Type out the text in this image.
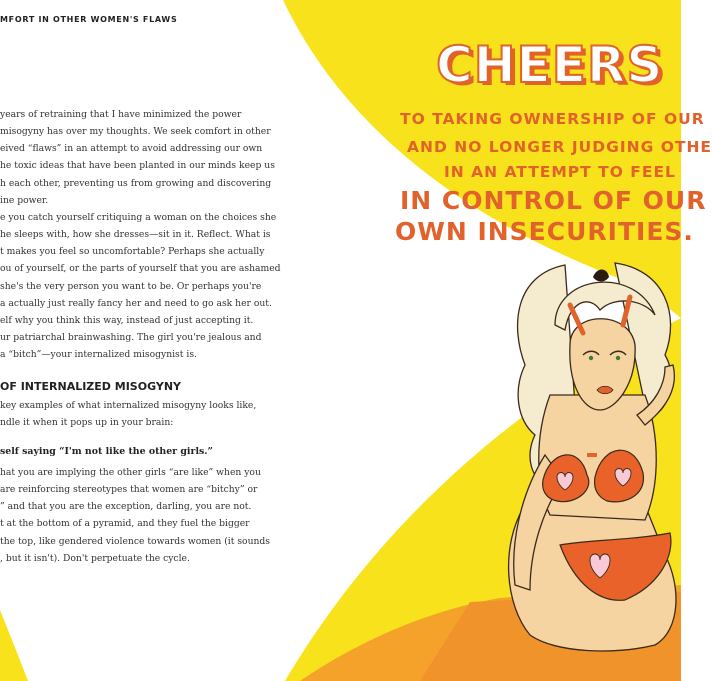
MFORT IN OTHER WOMEN'S FLAWS
years of retraining that I have minimized the power
misogyny has over my thoughts. We seek comfort in other
eived “flaws” in an attempt to avoid addressing our own
he toxic ideas that have been planted in our minds keep us
h each other, preventing us from growing and discovering
ine power.
e you catch yourself critiquing a woman on the choices she
he sleeps with, how she dresses—sit in it. Reflect. What is
t makes you feel so uncomfortable? Perhaps she actually
ou of yourself, or the parts of yourself that you are ashamed
she's the very person you want to be. Or perhaps you're
a actually just really fancy her and need to go ask her out.
elf why you think this way, instead of just accepting it.
ur patriarchal brainwashing. The girl you're jealous and
a “bitch”—your internalized misogynist is.
OF INTERNALIZED MISOGYNY
key examples of what internalized misogyny looks like,
ndle it when it pops up in your brain:
self saying “I'm not like the other girls.”
hat you are implying the other girls “are like” when you
are reinforcing stereotypes that women are “bitchy” or
” and that you are the exception, darling, you are not.
t at the bottom of a pyramid, and they fuel the bigger
the top, like gendered violence towards women (it sounds
, but it isn't). Don't perpetuate the cycle.
CHEERS
TO TAKING OWNERSHIP OF OUR
AND NO LONGER JUDGING OTHE
IN AN ATTEMPT TO FEEL
IN CONTROL OF OUR
OWN INSECURITIES.
